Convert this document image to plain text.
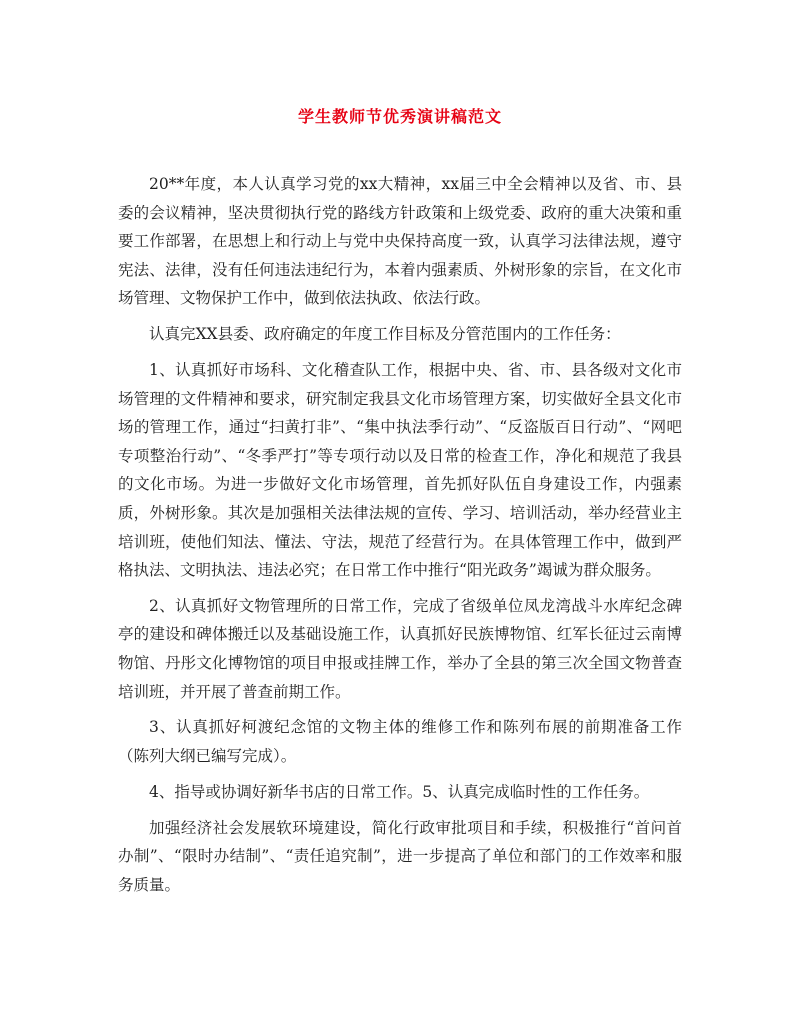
学生教师节优秀演讲稿范文

20**年度，本人认真学习党的xx大精神，xx届三中全会精神以及省、市、县委的会议精神，坚决贯彻执行党的路线方针政策和上级党委、政府的重大决策和重要工作部署，在思想上和行动上与党中央保持高度一致，认真学习法律法规，遵守宪法、法律，没有任何违法违纪行为，本着内强素质、外树形象的宗旨，在文化市场管理、文物保护工作中，做到依法执政、依法行政。

认真完XX县委、政府确定的年度工作目标及分管范围内的工作任务：

1、认真抓好市场科、文化稽查队工作，根据中央、省、市、县各级对文化市场管理的文件精神和要求，研究制定我县文化市场管理方案，切实做好全县文化市场的管理工作，通过“扫黄打非”、“集中执法季行动”、“反盗版百日行动”、“网吧专项整治行动”、“冬季严打”等专项行动以及日常的检查工作，净化和规范了我县的文化市场。为进一步做好文化市场管理，首先抓好队伍自身建设工作，内强素质，外树形象。其次是加强相关法律法规的宣传、学习、培训活动，举办经营业主培训班，使他们知法、懂法、守法，规范了经营行为。在具体管理工作中，做到严格执法、文明执法、违法必究；在日常工作中推行“阳光政务”竭诚为群众服务。

2、认真抓好文物管理所的日常工作，完成了省级单位凤龙湾战斗水库纪念碑亭的建设和碑体搬迁以及基础设施工作，认真抓好民族博物馆、红军长征过云南博物馆、丹彤文化博物馆的项目申报或挂牌工作，举办了全县的第三次全国文物普查培训班，并开展了普查前期工作。

3、认真抓好柯渡纪念馆的文物主体的维修工作和陈列布展的前期准备工作（陈列大纲已编写完成）。

4、指导或协调好新华书店的日常工作。5、认真完成临时性的工作任务。

加强经济社会发展软环境建设，简化行政审批项目和手续，积极推行“首问首办制”、“限时办结制”、“责任追究制”，进一步提高了单位和部门的工作效率和服务质量。
